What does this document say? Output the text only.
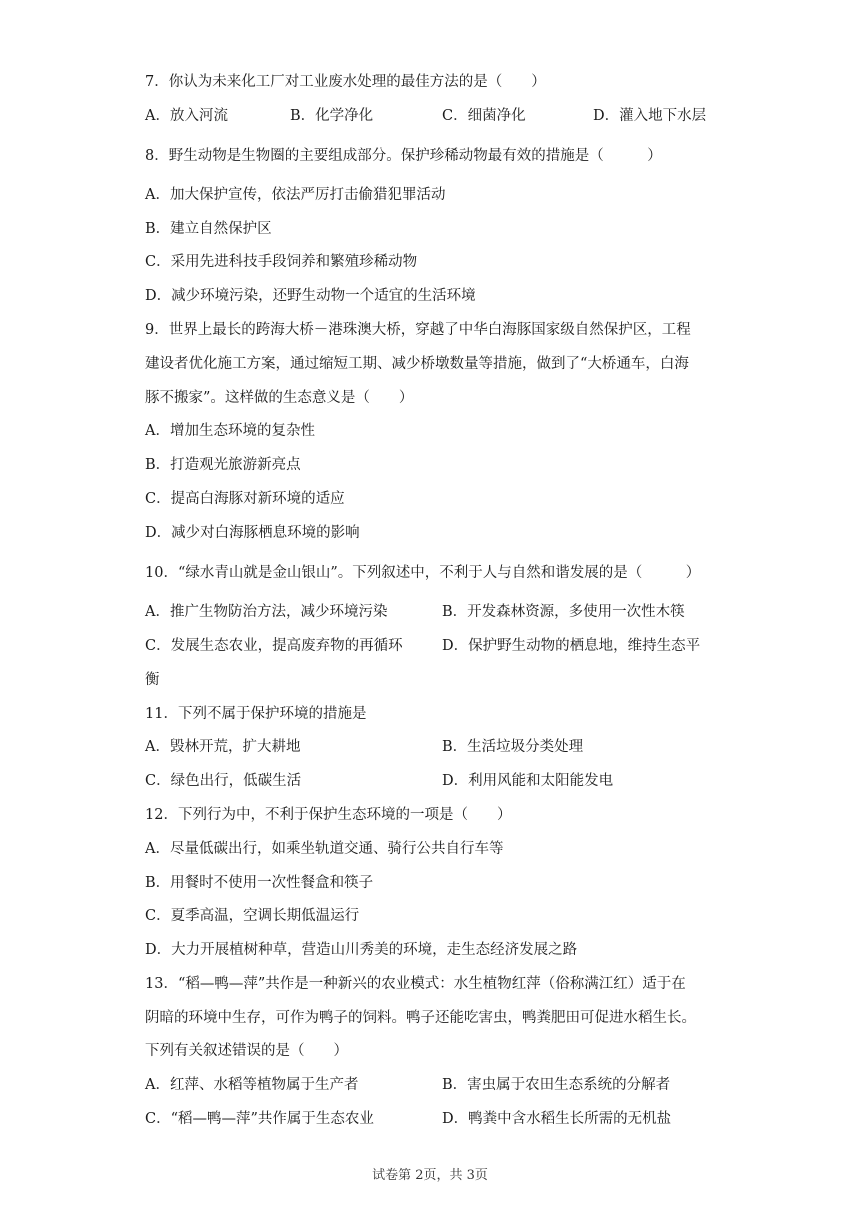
7．你认为未来化工厂对工业废水处理的最佳方法的是（　　）
A．放入河流	B．化学净化	C．细菌净化	D．灌入地下水层
8．野生动物是生物圈的主要组成部分。保护珍稀动物最有效的措施是（　　　）
A．加大保护宣传，依法严厉打击偷猎犯罪活动
B．建立自然保护区
C．采用先进科技手段饲养和繁殖珍稀动物
D．减少环境污染，还野生动物一个适宜的生活环境
9．世界上最长的跨海大桥－港珠澳大桥，穿越了中华白海豚国家级自然保护区，工程
建设者优化施工方案，通过缩短工期、减少桥墩数量等措施，做到了“大桥通车，白海
豚不搬家”。这样做的生态意义是（　　）
A．增加生态环境的复杂性
B．打造观光旅游新亮点
C．提高白海豚对新环境的适应
D．减少对白海豚栖息环境的影响
10．“绿水青山就是金山银山”。下列叙述中，不利于人与自然和谐发展的是（　　　）
A．推广生物防治方法，减少环境污染	B．开发森林资源，多使用一次性木筷
C．发展生态农业，提高废弃物的再循环	D．保护野生动物的栖息地，维持生态平
衡
11．下列不属于保护环境的措施是
A．毁林开荒，扩大耕地	B．生活垃圾分类处理
C．绿色出行，低碳生活	D．利用风能和太阳能发电
12．下列行为中，不利于保护生态环境的一项是（　　）
A．尽量低碳出行，如乘坐轨道交通、骑行公共自行车等
B．用餐时不使用一次性餐盒和筷子
C．夏季高温，空调长期低温运行
D．大力开展植树种草，营造山川秀美的环境，走生态经济发展之路
13．“稻—鸭—萍”共作是一种新兴的农业模式：水生植物红萍（俗称满江红）适于在
阴暗的环境中生存，可作为鸭子的饲料。鸭子还能吃害虫，鸭粪肥田可促进水稻生长。
下列有关叙述错误的是（　　）
A．红萍、水稻等植物属于生产者	B．害虫属于农田生态系统的分解者
C．“稻—鸭—萍”共作属于生态农业	D．鸭粪中含水稻生长所需的无机盐
试卷第 2页，共 3页
